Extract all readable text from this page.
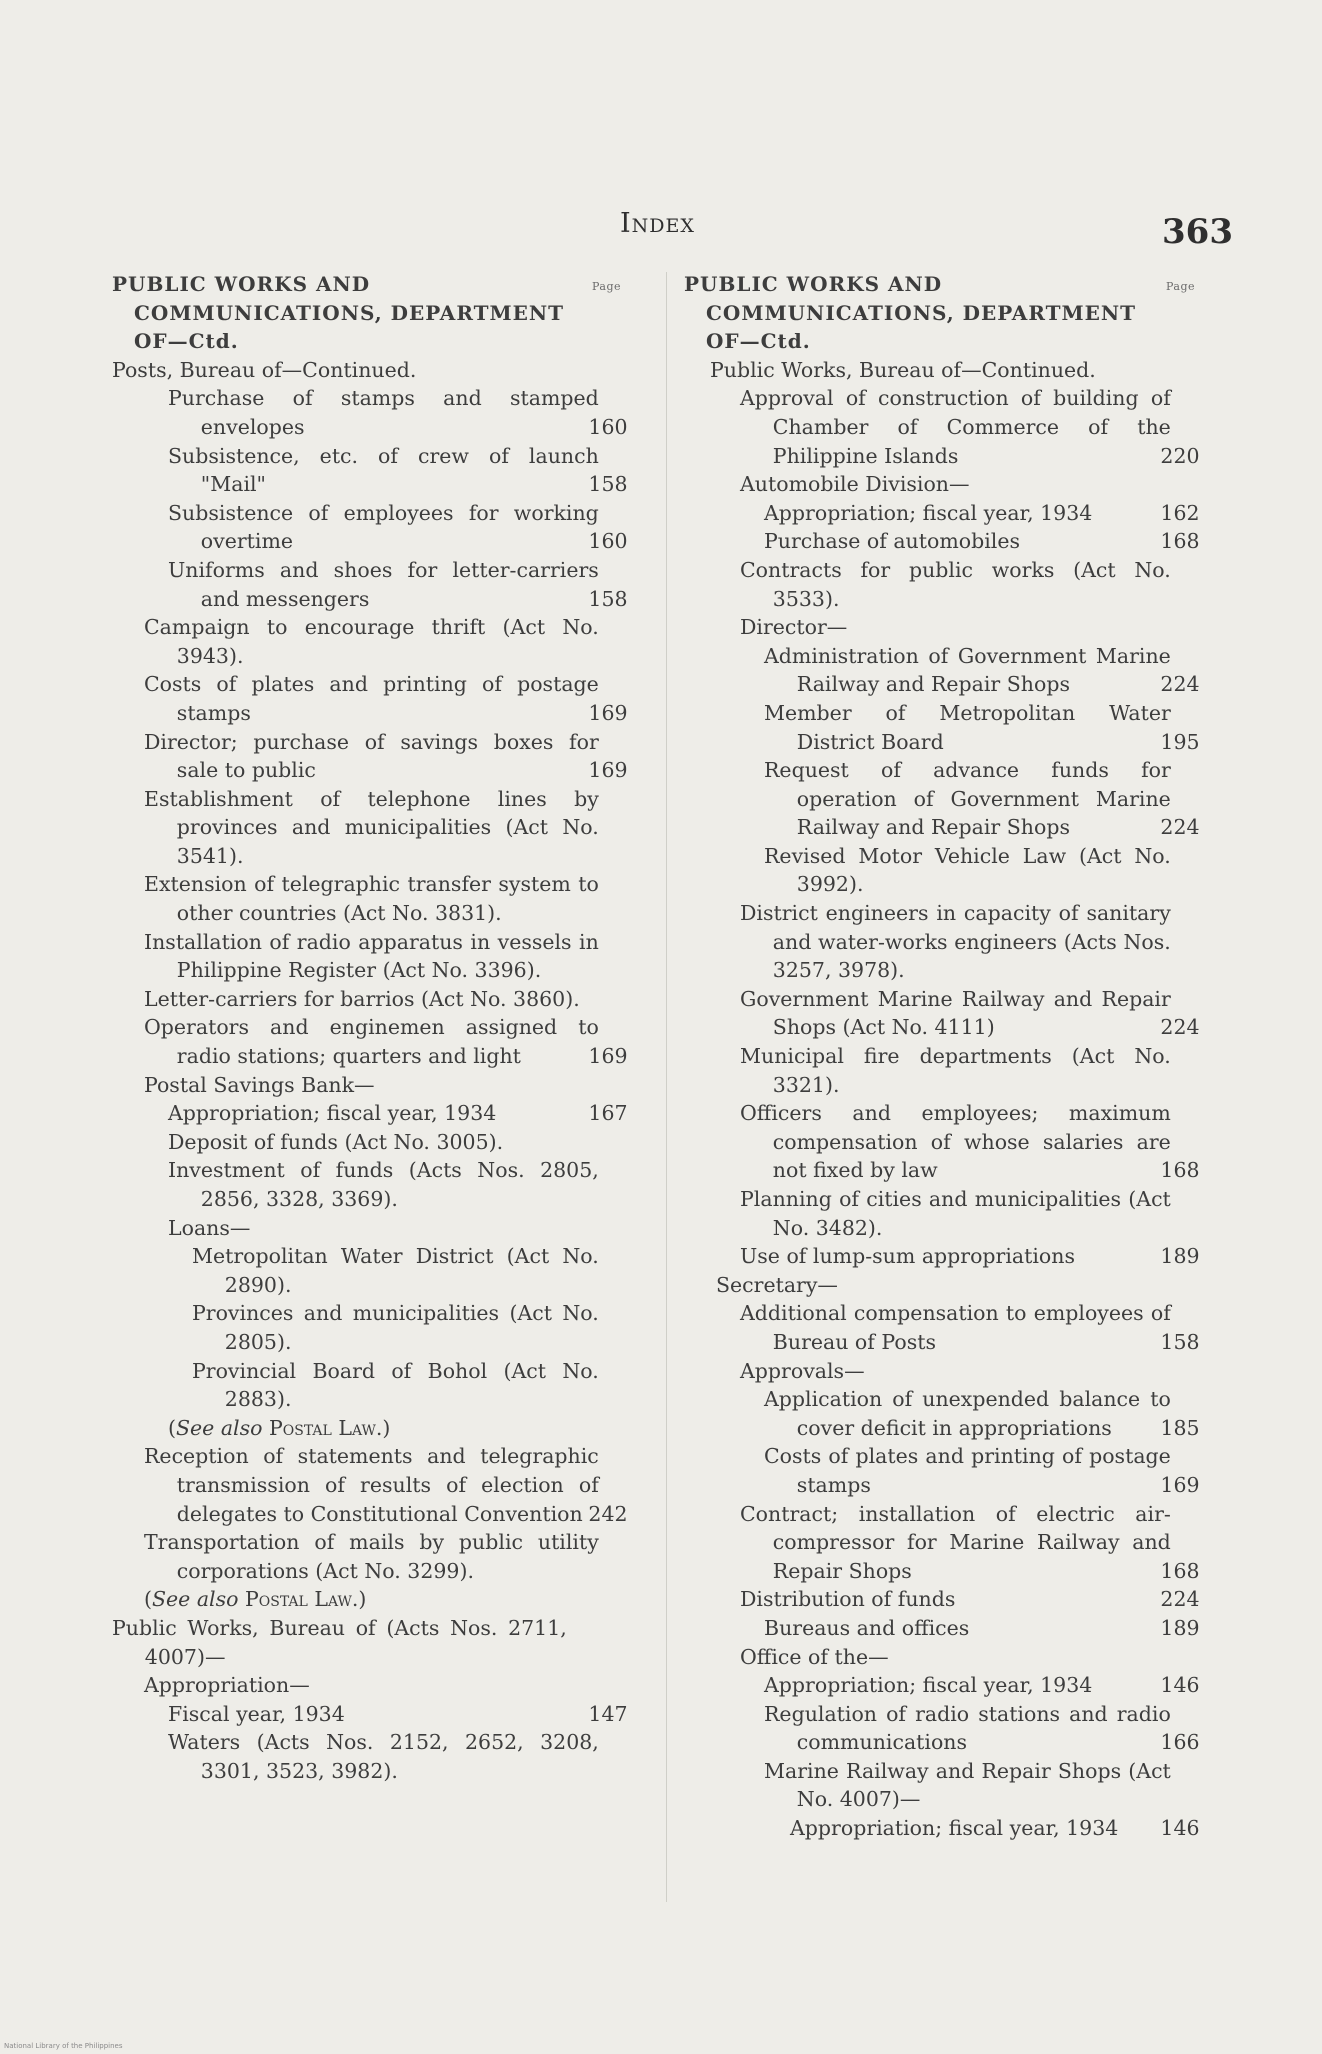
Index	363
Page
PUBLIC WORKS AND COMMUNICATIONS, DEPARTMENT OF—Ctd.
Posts, Bureau of—Continued.
Purchase of stamps and stamped envelopes	160
Subsistence, etc. of crew of launch "Mail"	158
Subsistence of employees for working overtime	160
Uniforms and shoes for letter-carriers and messengers	158
Campaign to encourage thrift (Act No. 3943).
Costs of plates and printing of postage stamps	169
Director; purchase of savings boxes for sale to public	169
Establishment of telephone lines by provinces and municipalities (Act No. 3541).
Extension of telegraphic transfer system to other countries (Act No. 3831).
Installation of radio apparatus in vessels in Philippine Register (Act No. 3396).
Letter-carriers for barrios (Act No. 3860).
Operators and enginemen assigned to radio stations; quarters and light	169
Postal Savings Bank—
Appropriation; fiscal year, 1934	167
Deposit of funds (Act No. 3005).
Investment of funds (Acts Nos. 2805, 2856, 3328, 3369).
Loans—
Metropolitan Water District (Act No. 2890).
Provinces and municipalities (Act No. 2805).
Provincial Board of Bohol (Act No. 2883).
(See also Postal Law.)
Reception of statements and telegraphic transmission of results of election of delegates to Constitutional Convention 242
Transportation of mails by public utility corporations (Act No. 3299).
(See also Postal Law.)
Public Works, Bureau of (Acts Nos. 2711, 4007)—
Appropriation—
Fiscal year, 1934	147
Waters (Acts Nos. 2152, 2652, 3208, 3301, 3523, 3982).
Page
PUBLIC WORKS AND COMMUNICATIONS, DEPARTMENT OF—Ctd.
Public Works, Bureau of—Continued.
Approval of construction of building of Chamber of Commerce of the Philippine Islands	220
Automobile Division—
Appropriation; fiscal year, 1934	162
Purchase of automobiles	168
Contracts for public works (Act No. 3533).
Director—
Administration of Government Marine Railway and Repair Shops	224
Member of Metropolitan Water District Board	195
Request of advance funds for operation of Government Marine Railway and Repair Shops	224
Revised Motor Vehicle Law (Act No. 3992).
District engineers in capacity of sanitary and water-works engineers (Acts Nos. 3257, 3978).
Government Marine Railway and Repair Shops (Act No. 4111)	224
Municipal fire departments (Act No. 3321).
Officers and employees; maximum compensation of whose salaries are not fixed by law	168
Planning of cities and municipalities (Act No. 3482).
Use of lump-sum appropriations	189
Secretary—
Additional compensation to employees of Bureau of Posts	158
Approvals—
Application of unexpended balance to cover deficit in appropriations	185
Costs of plates and printing of postage stamps	169
Contract; installation of electric air-compressor for Marine Railway and Repair Shops	168
Distribution of funds	224
Bureaus and offices	189
Office of the—
Appropriation; fiscal year, 1934	146
Regulation of radio stations and radio communications	166
Marine Railway and Repair Shops (Act No. 4007)—
Appropriation; fiscal year, 1934	146
National Library of the Philippines
